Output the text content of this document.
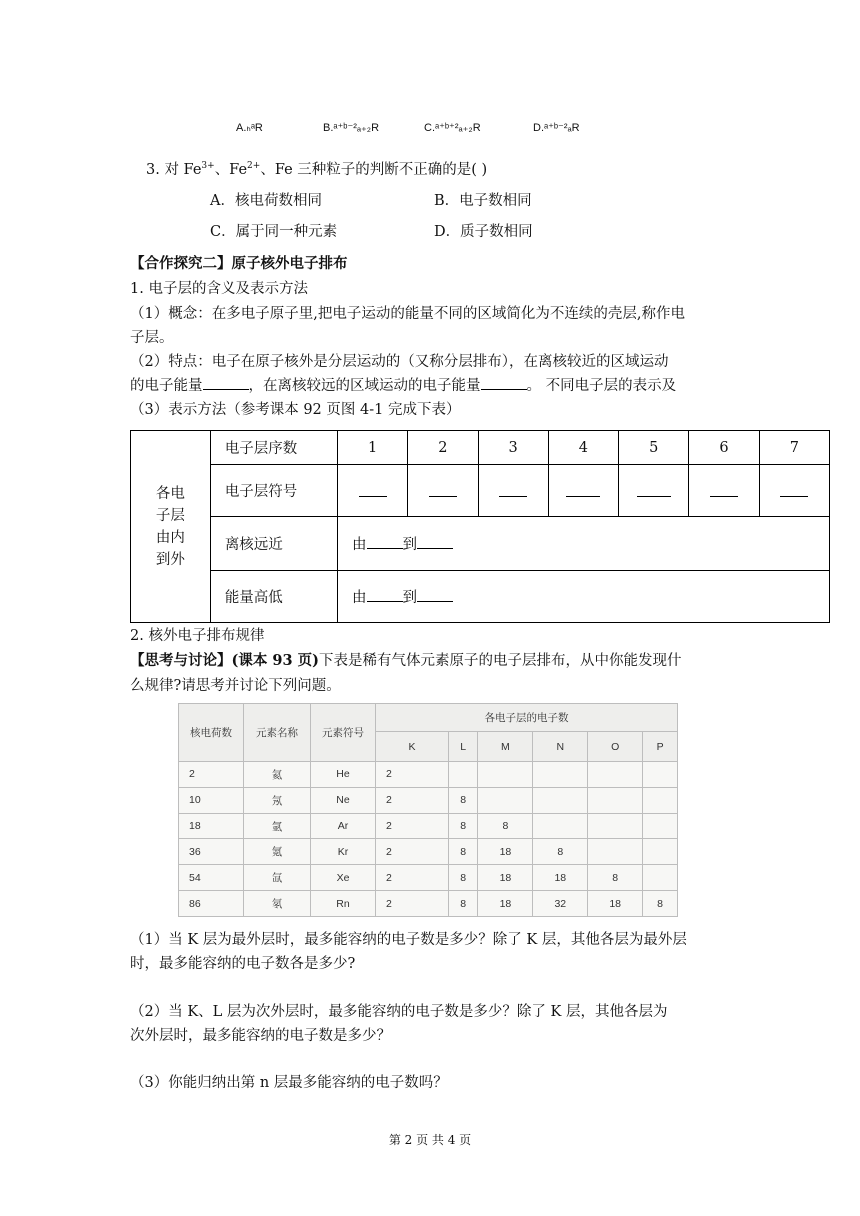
A.ₕᵃR	B.ᵃ⁺ᵇ⁻²ₐ₊₂R	C.ᵃ⁺ᵇ⁺²ₐ₊₂R	D.ᵃ⁺ᵇ⁻²ₐR
3. 对 $Fe^{3+}$、$Fe^{2+}$、Fe 三种粒子的判断不正确的是( )
A．核电荷数相同	B．电子数相同
C．属于同一种元素	D．质子数相同
【合作探究二】原子核外电子排布
1. 电子层的含义及表示方法
（1）概念：在多电子原子里,把电子运动的能量不同的区域简化为不连续的壳层,称作电
子层。
（2）特点：电子在原子核外是分层运动的（又称分层排布），在离核较近的区域运动
的电子能量	，在离核较远的区域运动的电子能量	。 不同电子层的表示及
（3）表示方法（参考课本 92 页图 4-1 完成下表）
各电
子层
由内
到外	电子层序数	1	2	3	4	5	6	7
	电子层符号							
	离核远近	由 到						
	能量高低	由 到						
2. 核外电子排布规律
【思考与讨论】(课本 93 页)下表是稀有气体元素原子的电子层排布，从中你能发现什
么规律?请思考并讨论下列问题。
核电荷数	元素名称	元素符号	各电子层的电子数					
			K	L	M	N	O	P
2	氦	He	2					
10	氖	Ne	2	8				
18	氩	Ar	2	8	8			
36	氪	Kr	2	8	18	8		
54	氙	Xe	2	8	18	18	8	
86	氡	Rn	2	8	18	32	18	8
（1）当 K 层为最外层时，最多能容纳的电子数是多少？除了 K 层，其他各层为最外层
时，最多能容纳的电子数各是多少?
（2）当 K、L 层为次外层时，最多能容纳的电子数是多少？除了 K 层，其他各层为
次外层时，最多能容纳的电子数是多少？
（3）你能归纳出第 n 层最多能容纳的电子数吗？
第 2 页 共 4 页
